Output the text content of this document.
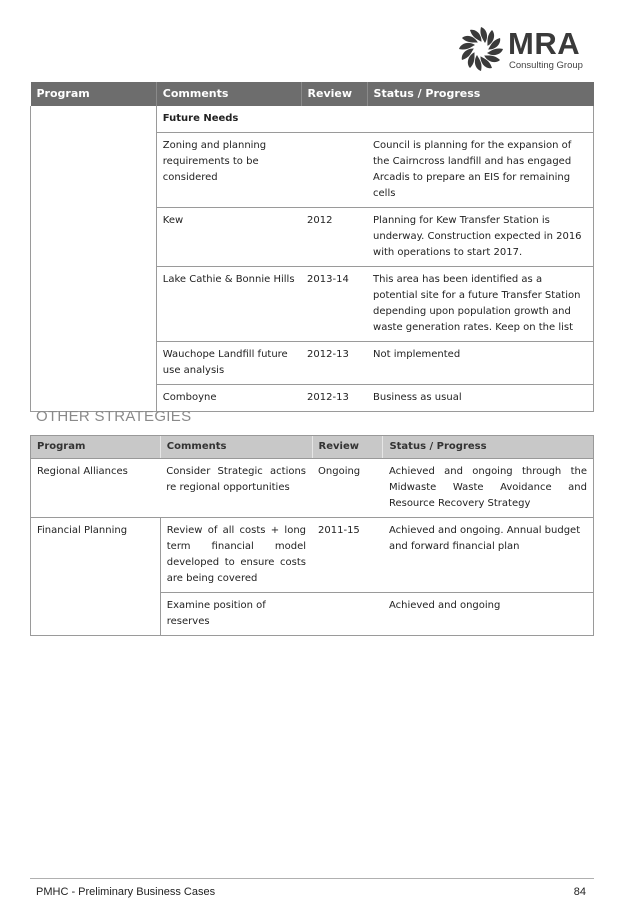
MRA
Consulting Group
Program	Comments	Review	Status / Progress
	Future Needs		
	Zoning and planning requirements to be considered		Council is planning for the expansion of the Cairncross landfill and has engaged Arcadis to prepare an EIS for remaining cells
	Kew	2012	Planning for Kew Transfer Station is underway. Construction expected in 2016 with operations to start 2017.
	Lake Cathie & Bonnie Hills	2013-14	This area has been identified as a potential site for a future Transfer Station depending upon population growth and waste generation rates. Keep on the list
	Wauchope Landfill future use analysis	2012-13	Not implemented
	Comboyne	2012-13	Business as usual
OTHER STRATEGIES
Program	Comments	Review	Status / Progress
Regional Alliances	Consider Strategic actions re regional opportunities	Ongoing	Achieved and ongoing through the Midwaste Waste Avoidance and Resource Recovery Strategy
Financial Planning	Review of all costs + long term financial model developed to ensure costs are being covered	2011-15	Achieved and ongoing. Annual budget and forward financial plan
	Examine position of reserves		Achieved and ongoing
PMHC - Preliminary Business Cases	84
